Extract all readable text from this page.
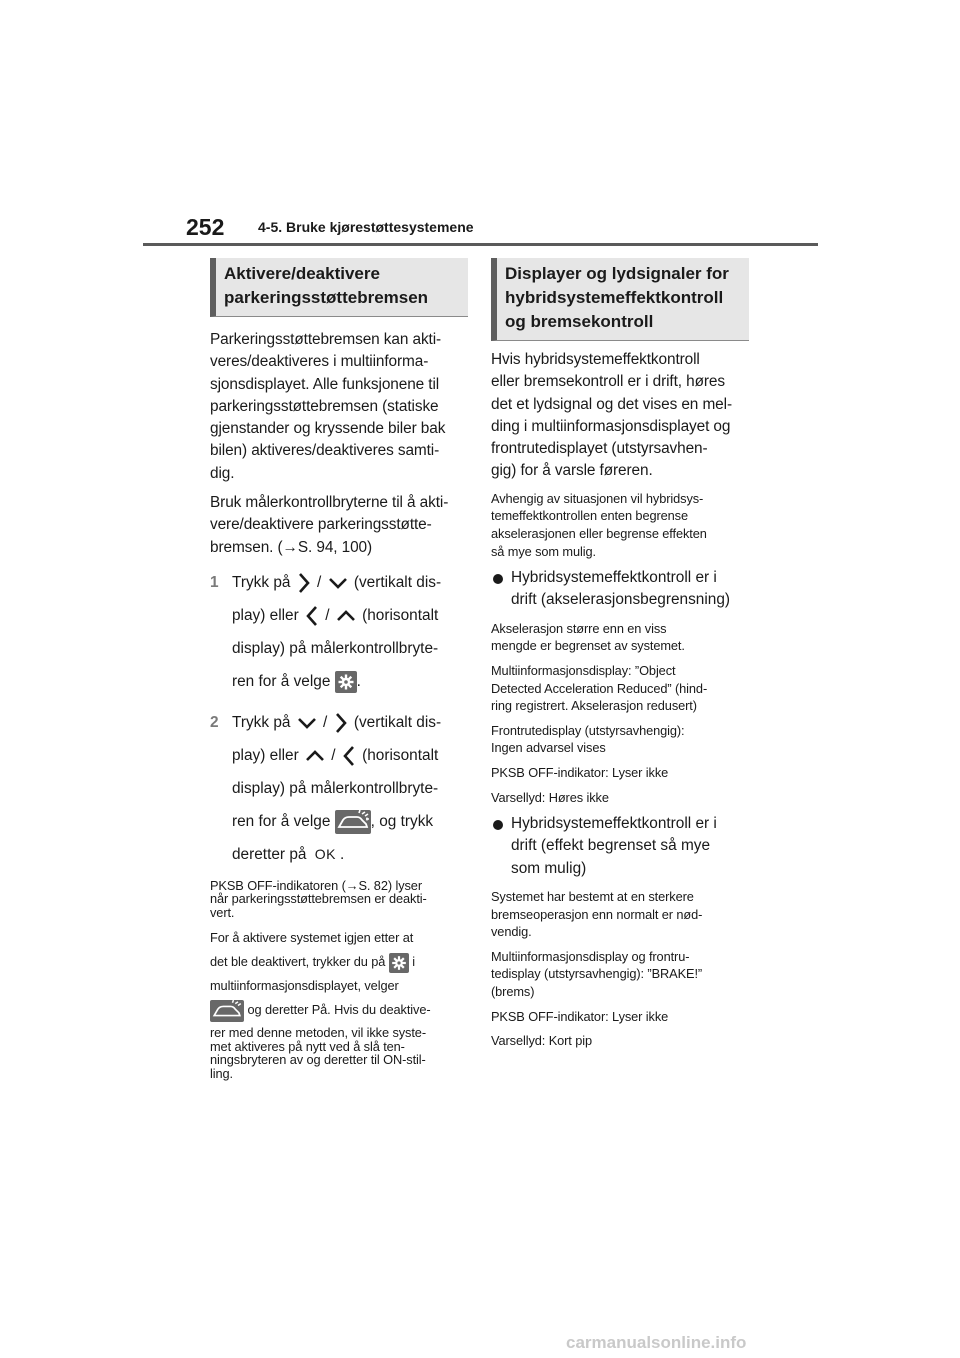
252 4-5. Bruke kjørestøttesystemene
Aktivere/deaktivere
parkeringsstøttebremsen

Parkeringsstøttebremsen kan akti-
veres/deaktiveres i multiinforma-
sjonsdisplayet. Alle funksjonene til
parkeringsstøttebremsen (statiske
gjenstander og kryssende biler bak
bilen) aktiveres/deaktiveres samti-
dig.

Bruk målerkontrollbryterne til å akti-
vere/deaktivere parkeringsstøtte-
bremsen. (→S. 94, 100)

1 Trykk på / (vertikalt dis-
play) eller / (horisontalt
display) på målerkontrollbryte-
ren for å velge .
2 Trykk på / (vertikalt dis-
play) eller / (horisontalt
display) på målerkontrollbryte-
ren for å velge	, og trykk
deretter på OK .

PKSB OFF-indikatoren (→S. 82) lyser
når parkeringsstøttebremsen er deakti-
vert.

For å aktivere systemet igjen etter at
det ble deaktivert, trykker du på i
multiinformasjonsdisplayet, velger
og deretter På. Hvis du deaktive-

rer med denne metoden, vil ikke syste-
met aktiveres på nytt ved å slå ten-
ningsbryteren av og deretter til ON-stil-
ling.

Displayer og lydsignaler for
hybridsystemeffektkontroll
og bremsekontroll

Hvis hybridsystemeffektkontroll
eller bremsekontroll er i drift, høres
det et lydsignal og det vises en mel-
ding i multiinformasjonsdisplayet og
frontrutedisplayet (utstyrsavhen-
gig) for å varsle føreren.

Avhengig av situasjonen vil hybridsys-
temeffektkontrollen enten begrense
akselerasjonen eller begrense effekten
så mye som mulig.

Hybridsystemeffektkontroll er i
drift (akselerasjonsbegrensning)

Akselerasjon større enn en viss
mengde er begrenset av systemet.

Multiinformasjonsdisplay: ”Object
Detected Acceleration Reduced” (hind-
ring registrert. Akselerasjon redusert)

Frontrutedisplay (utstyrsavhengig):
Ingen advarsel vises

PKSB OFF-indikator: Lyser ikke

Varsellyd: Høres ikke

Hybridsystemeffektkontroll er i
drift (effekt begrenset så mye
som mulig)

Systemet har bestemt at en sterkere
bremseoperasjon enn normalt er nød-
vendig.

Multiinformasjonsdisplay og frontru-
tedisplay (utstyrsavhengig): ”BRAKE!”
(brems)

PKSB OFF-indikator: Lyser ikke

Varsellyd: Kort pip

carmanualsonline.info
